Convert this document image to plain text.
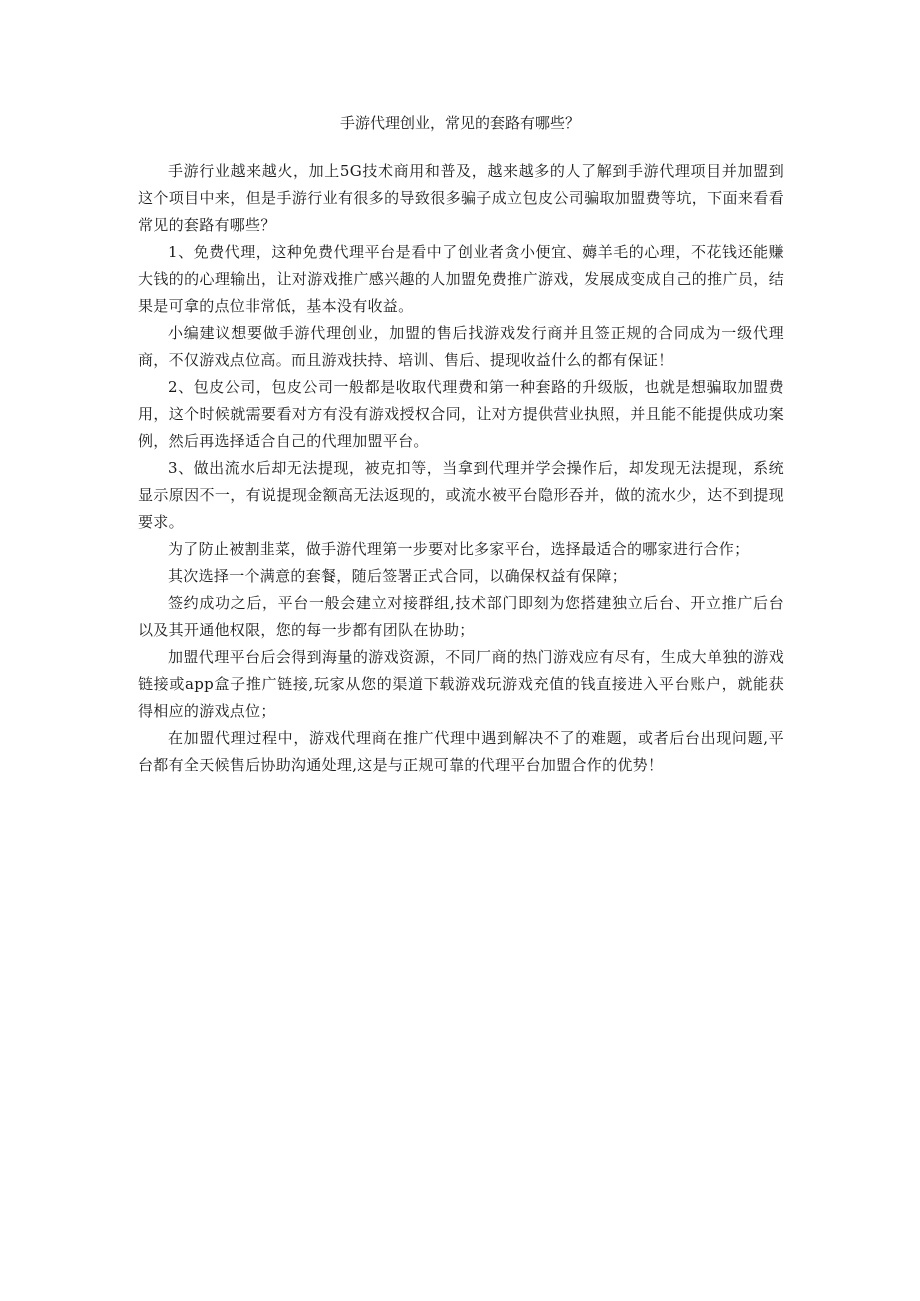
手游代理创业，常见的套路有哪些？

手游行业越来越火，加上5G技术商用和普及，越来越多的人了解到手游代理项目并加盟到这个项目中来，但是手游行业有很多的导致很多骗子成立包皮公司骗取加盟费等坑，下面来看看常见的套路有哪些？

1、免费代理，这种免费代理平台是看中了创业者贪小便宜、薅羊毛的心理，不花钱还能赚大钱的的心理输出，让对游戏推广感兴趣的人加盟免费推广游戏，发展成变成自己的推广员，结果是可拿的点位非常低，基本没有收益。

小编建议想要做手游代理创业，加盟的售后找游戏发行商并且签正规的合同成为一级代理商，不仅游戏点位高。而且游戏扶持、培训、售后、提现收益什么的都有保证！

2、包皮公司，包皮公司一般都是收取代理费和第一种套路的升级版，也就是想骗取加盟费用，这个时候就需要看对方有没有游戏授权合同，让对方提供营业执照，并且能不能提供成功案例，然后再选择适合自己的代理加盟平台。

3、做出流水后却无法提现，被克扣等，当拿到代理并学会操作后，却发现无法提现，系统显示原因不一，有说提现金额高无法返现的，或流水被平台隐形吞并，做的流水少，达不到提现要求。

为了防止被割韭菜，做手游代理第一步要对比多家平台，选择最适合的哪家进行合作；

其次选择一个满意的套餐，随后签署正式合同，以确保权益有保障；

签约成功之后，平台一般会建立对接群组,技术部门即刻为您搭建独立后台、开立推广后台以及其开通他权限，您的每一步都有团队在协助；

加盟代理平台后会得到海量的游戏资源，不同厂商的热门游戏应有尽有，生成大单独的游戏链接或app盒子推广链接,玩家从您的渠道下载游戏玩游戏充值的钱直接进入平台账户，就能获得相应的游戏点位；

在加盟代理过程中，游戏代理商在推广代理中遇到解决不了的难题，或者后台出现问题,平台都有全天候售后协助沟通处理,这是与正规可靠的代理平台加盟合作的优势！
